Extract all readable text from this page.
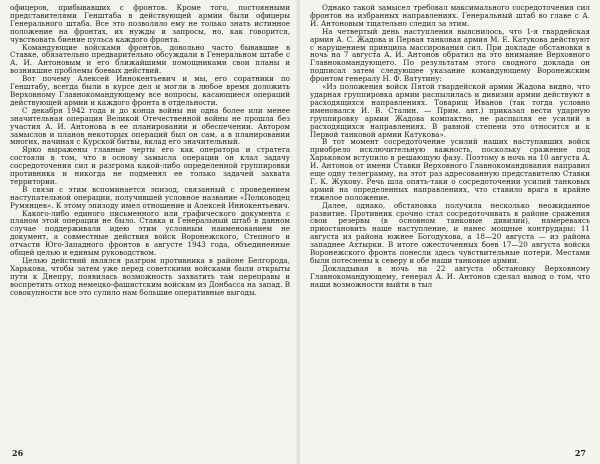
офицеров, прибывавших с фронтов. Кроме того, постоянными представителями Генштаба в действующей армии были офицеры Генерального штаба. Все это позволяло ему не только знать истинное положение на фронтах, их нужды и запросы, но, как говорится, чувствовать биение пульса каждого фронта.

Командующие войсками фронтов, довольно часто бывавшие в Ставке, обязательно предварительно обсуждали в Генеральном штабе с А. И. Антоновым и его ближайшими помощниками свои планы и возникшие проблемы боевых действий.

Вот почему Алексей Иннокентьевич и мы, его соратники по Генштабу, всегда были в курсе дел и могли в любое время доложить Верховному Главнокомандующему все вопросы, касающиеся операций действующей армии и каждого фронта в отдельности.

С декабря 1942 года и до конца войны ни одна более или менее значительная операция Великой Отечественной войны не прошла без участия А. И. Антонова в ее планировании и обеспечении. Автором замыслов и планов некоторых операций был он сам, а в планировании многих, начиная с Курской битвы, вклад его значительный.

Ярко выражены главные черты его как оператора и стратега состояли в том, что в основу замысла операции он клал задачу сосредоточения сил и разгрома какой-либо определенной группировки противника и никогда не подменял ее только задачей захвата территории.

В связи с этим вспоминается эпизод, связанный с проведением наступательной операции, получившей условное название «Полководец Румянцев». К этому эпизоду имел отношение и Алексей Иннокентьевич.

Какого-либо единого письменного или графического документа с планом этой операции не было. Ставка и Генеральный штаб в данном случае поддерживали идею этим условным наименованием не документ, а совместные действия войск Воронежского, Степного и отчасти Юго-Западного фронтов в августе 1943 года, объединенные общей целью и единым руководством.

Целью действий являлся разгром противника в районе Белгорода, Харькова, чтобы затем уже перед советскими войсками были открыты пути к Днепру, появилась возможность захватить там переправы и воспретить отход немецко-фашистским войскам из Донбасса на запад. В совокупности все это сулило нам большие оперативные выгоды.

26

Однако такой замысел требовал максимального сосредоточения сил фронтов на избранных направлениях. Генеральный штаб во главе с А. И. Антоновым тщательно следил за этим.

На четвертый день наступления выяснилось, что 1-я гвардейская армия А. С. Жадова и Первая танковая армия М. Е. Катукова действуют с нарушением принципа массирования сил. При докладе обстановки в ночь на 7 августа А. И. Антонов обратил на это внимание Верховного Главнокомандующего. По результатам этого сводного доклада он подписал затем следующее указание командующему Воронежским фронтом генералу Н. Ф. Ватутину:

«Из положения войск Пятой гвардейской армии Жадова видно, что ударная группировка армии распылилась и дивизии армии действуют в расходящихся направлениях. Товарищ Иванов (так тогда условно именовался И. В. Сталин. — Прим. авт.) приказал вести ударную группировку армии Жадова компактно, не распыляя ее усилий в расходящихся направлениях. В равной степени это относится и к Первой танковой армии Катукова».

В тот момент сосредоточение усилий наших наступавших войск приобрело исключительную важность, поскольку сражение под Харьковом вступило в решающую фазу. Поэтому в ночь на 10 августа А. И. Антонов от имени Ставки Верховного Главнокомандования направил еще одну телеграмму, на этот раз адресованную представителю Ставки Г. К. Жукову. Речь шла опять-таки о сосредоточении усилий танковых армий на определенных направлениях, что ставило врага в крайне тяжелое положение.

Далее, однако, обстановка получила несколько неожиданное развитие. Противник срочно стал сосредоточивать в районе сражения свои резервы (в основном танковые дивизии), намереваясь приостановить наше наступление, и нанес мощные контрудары: 11 августа из района южнее Богодухова, а 18—20 августа — из района западнее Ахтырки. В итоге ожесточенных боев 17—20 августа войска Воронежского фронта понесли здесь чувствительные потери. Местами были потеснены к северу и обе наши танковые армии.

Докладывая в ночь на 22 августа обстановку Верховному Главнокомандующему, генерал А. И. Антонов сделал вывод о том, что наши возможности выйти в тыл

27
